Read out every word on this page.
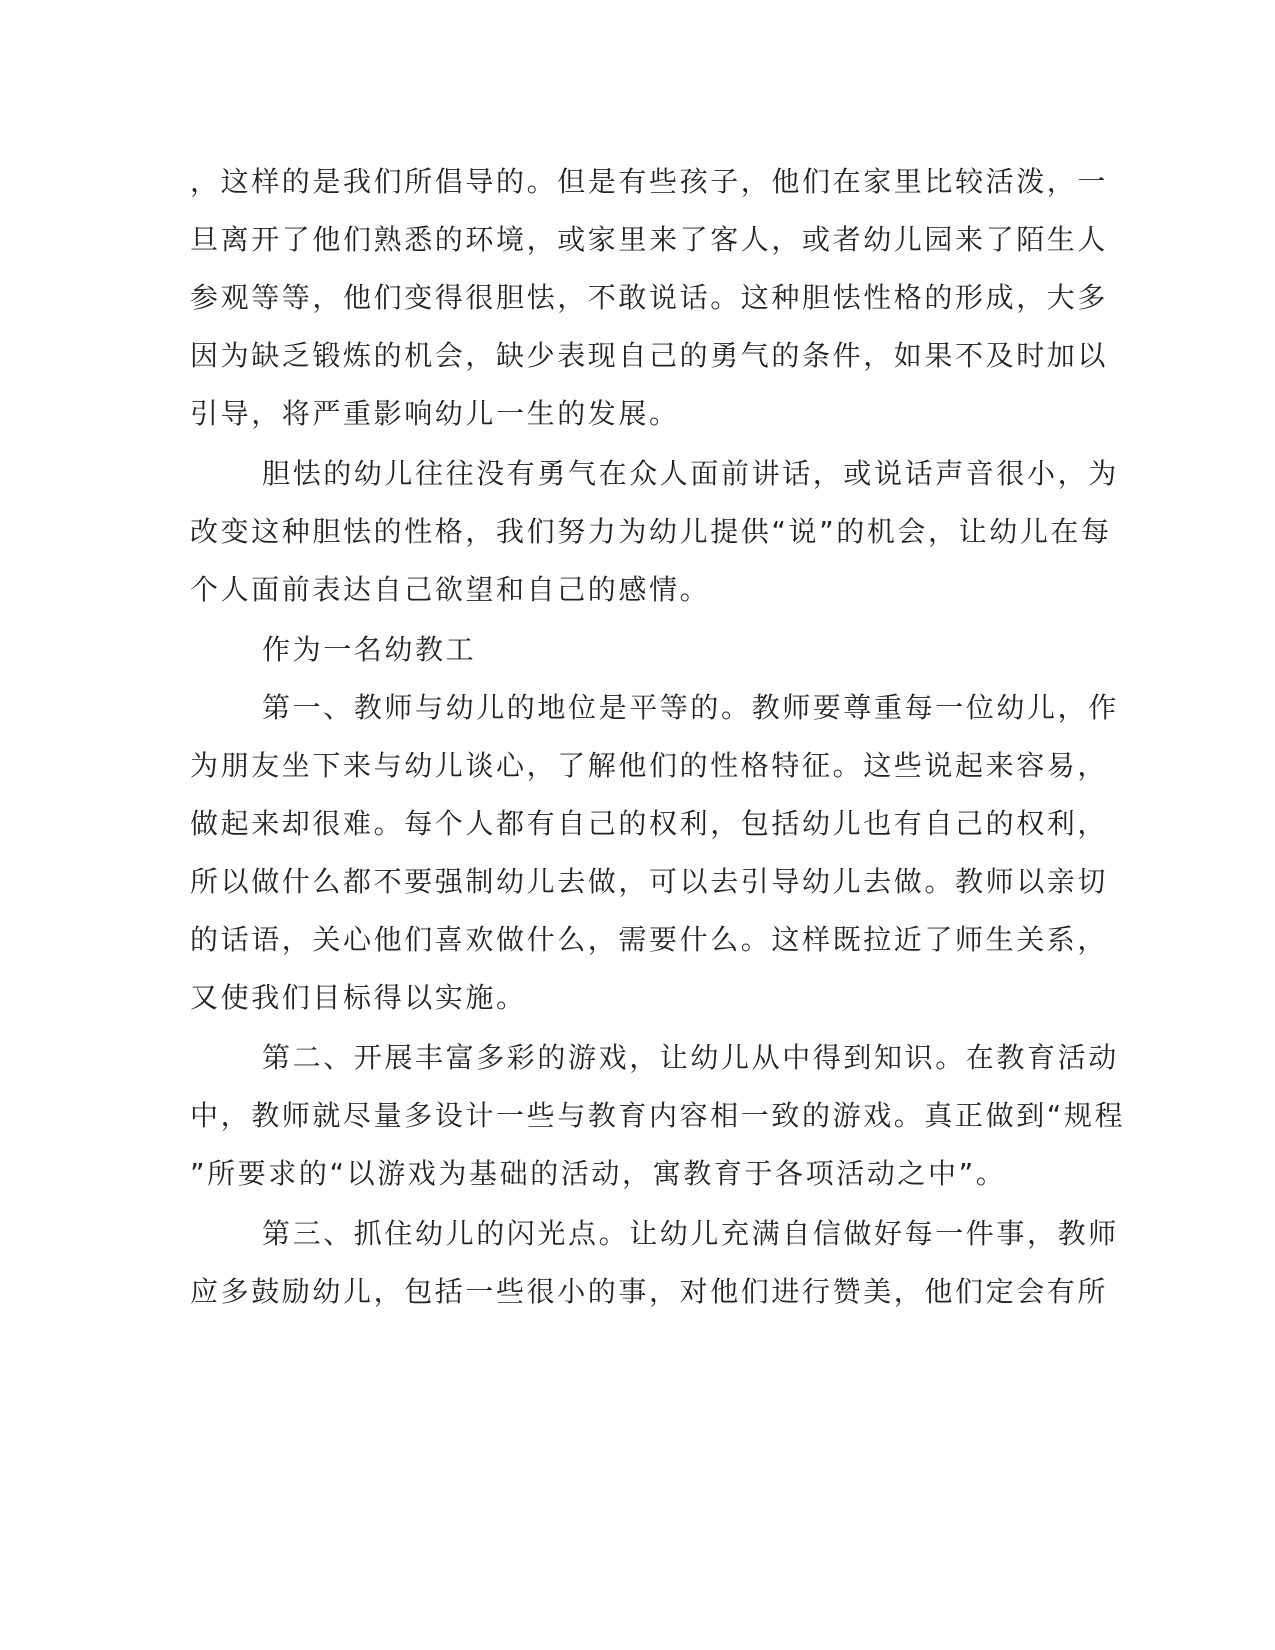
，这样的是我们所倡导的。但是有些孩子，他们在家里比较活泼，一
旦离开了他们熟悉的环境，或家里来了客人，或者幼儿园来了陌生人
参观等等，他们变得很胆怯，不敢说话。这种胆怯性格的形成，大多
因为缺乏锻炼的机会，缺少表现自己的勇气的条件，如果不及时加以
引导，将严重影响幼儿一生的发展。
胆怯的幼儿往往没有勇气在众人面前讲话，或说话声音很小，为
改变这种胆怯的性格，我们努力为幼儿提供“说”的机会，让幼儿在每
个人面前表达自己欲望和自己的感情。
作为一名幼教工
第一、教师与幼儿的地位是平等的。教师要尊重每一位幼儿，作
为朋友坐下来与幼儿谈心，了解他们的性格特征。这些说起来容易，
做起来却很难。每个人都有自己的权利，包括幼儿也有自己的权利，
所以做什么都不要强制幼儿去做，可以去引导幼儿去做。教师以亲切
的话语，关心他们喜欢做什么，需要什么。这样既拉近了师生关系，
又使我们目标得以实施。
第二、开展丰富多彩的游戏，让幼儿从中得到知识。在教育活动
中，教师就尽量多设计一些与教育内容相一致的游戏。真正做到“规程
”所要求的“以游戏为基础的活动，寓教育于各项活动之中”。
第三、抓住幼儿的闪光点。让幼儿充满自信做好每一件事，教师
应多鼓励幼儿，包括一些很小的事，对他们进行赞美，他们定会有所
